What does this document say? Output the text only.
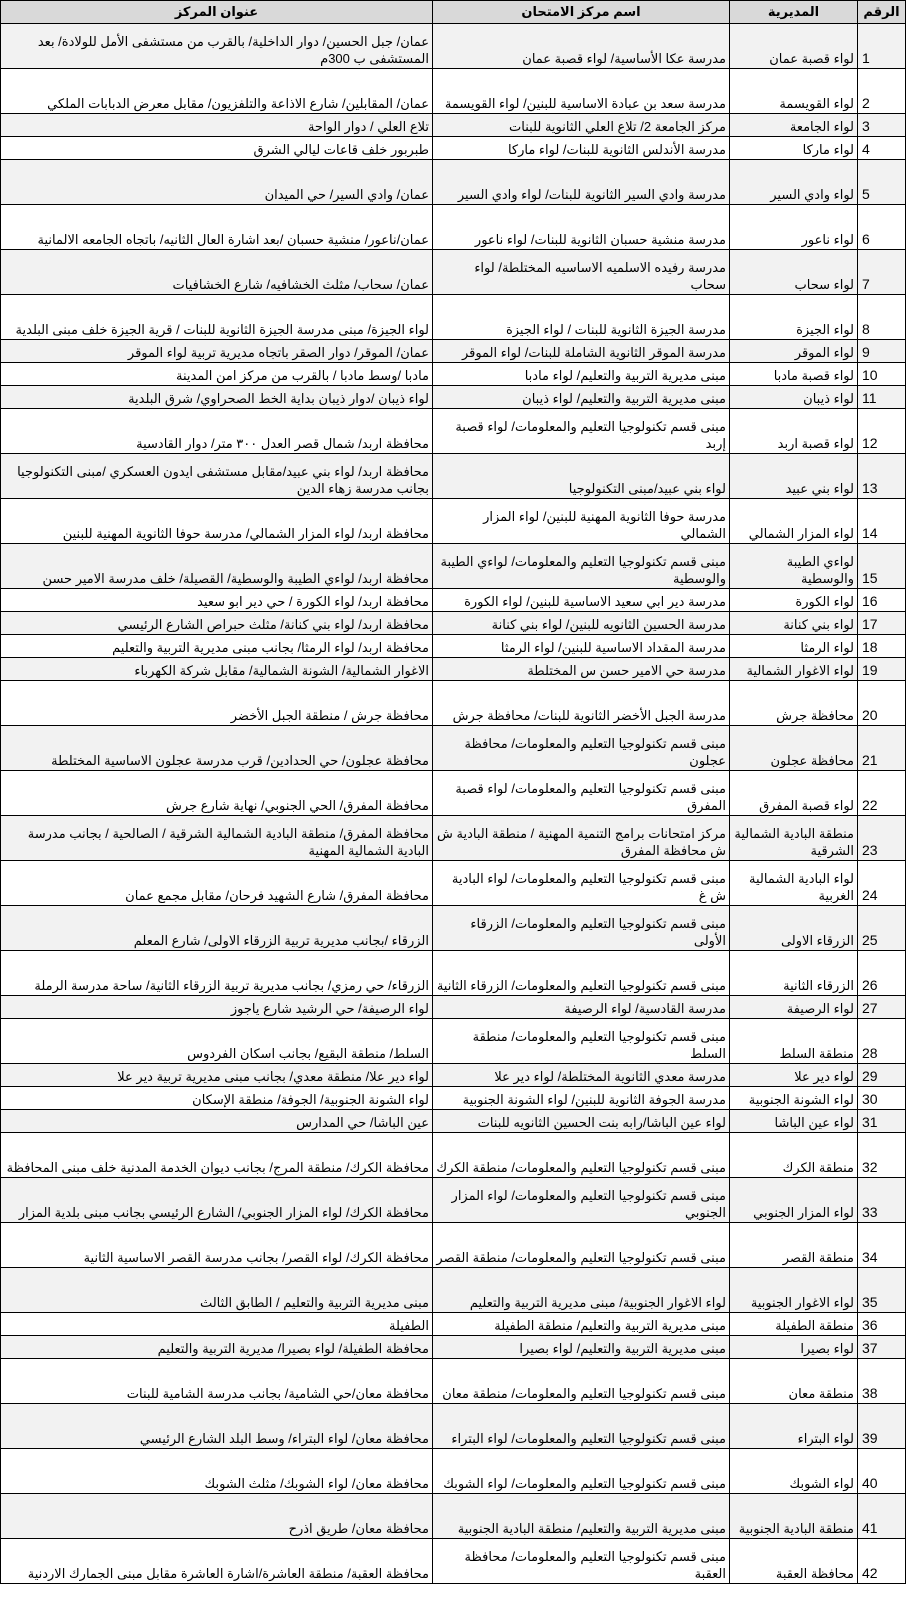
الرقم	المديرية	اسم مركز الامتحان	عنوان المركز
1	لواء قصبة عمان	مدرسة عكا الأساسية/ لواء قصبة عمان	عمان/ جبل الحسين/ دوار الداخلية/ بالقرب من مستشفى الأمل للولادة/ بعد المستشفى ب 300م
2	لواء القويسمة	مدرسة سعد بن عبادة الاساسية للبنين/ لواء القويسمة	عمان/ المقابلين/ شارع الاذاعة والتلفزيون/ مقابل معرض الدبابات الملكي
3	لواء الجامعة	مركز الجامعة 2/ تلاع العلي الثانوية للبنات	تلاع العلي / دوار الواحة
4	لواء ماركا	مدرسة الأندلس الثانوية للبنات/ لواء ماركا	طبربور خلف قاعات ليالي الشرق
5	لواء وادي السير	مدرسة وادي السير الثانوية للبنات/ لواء وادي السير	عمان/ وادي السير/ حي الميدان
6	لواء ناعور	مدرسة منشية حسبان الثانوية للبنات/ لواء ناعور	عمان/ناعور/ منشية حسبان /بعد اشارة العال الثانيه/ باتجاه الجامعه الالمانية
7	لواء سحاب	مدرسة رفيده الاسلميه الاساسيه المختلطة/ لواء سحاب	عمان/ سحاب/ مثلث الخشافيه/ شارع الخشافيات
8	لواء الجيزة	مدرسة الجيزة الثانوية للبنات / لواء الجيزة	لواء الجيزة/ مبنى مدرسة الجيزة الثانوية للبنات / قرية الجيزة خلف مبنى البلدية
9	لواء الموقر	مدرسة الموقر الثانوية الشاملة للبنات/ لواء الموقر	عمان/ الموقر/ دوار الصقر باتجاه مديرية تربية لواء الموقر
10	لواء قصبة مادبا	مبنى مديرية التربية والتعليم/ لواء مادبا	مادبا /وسط مادبا / بالقرب من مركز امن المدينة
11	لواء ذيبان	مبنى مديرية التربية والتعليم/ لواء ذيبان	لواء ذيبان /دوار ذيبان بداية الخط الصحراوي/ شرق البلدية
12	لواء قصبة اربد	مبنى قسم تكنولوجيا التعليم والمعلومات/ لواء قصبة إربد	محافظة اربد/ شمال قصر العدل ٣٠٠ متر/ دوار القادسية
13	لواء بني عبيد	لواء بني عبيد/مبنى التكنولوجيا	محافظة اربد/ لواء بني عبيد/مقابل مستشفى ايدون العسكري /مبنى التكنولوجيا بجانب مدرسة زهاء الدين
14	لواء المزار الشمالي	مدرسة حوفا الثانوية المهنية للبنين/ لواء المزار الشمالي	محافظة اربد/ لواء المزار الشمالي/ مدرسة حوفا الثانوية المهنية للبنين
15	لواءي الطيبة والوسطية	مبنى قسم تكنولوجيا التعليم والمعلومات/ لواءي الطيبة والوسطية	محافظة اربد/ لواءي الطيبة والوسطية/ القصيلة/ خلف مدرسة الامير حسن
16	لواء الكورة	مدرسة دير ابي سعيد الاساسية للبنين/ لواء الكورة	محافظة اربد/ لواء الكورة / حي دير ابو سعيد
17	لواء بني كنانة	مدرسة الحسين الثانويه للبنين/ لواء بني كنانة	محافظة اربد/ لواء بني كنانة/ مثلث حبراص الشارع الرئيسي
18	لواء الرمثا	مدرسة المقداد الاساسية للبنين/ لواء الرمثا	محافظة اربد/ لواء الرمثا/ بجانب مبنى مديرية التربية والتعليم
19	لواء الاغوار الشمالية	مدرسة حي الامير حسن س المختلطة	الاغوار الشمالية/ الشونة الشمالية/ مقابل شركة الكهرباء
20	محافظة جرش	مدرسة الجبل الأخضر الثانوية للبنات/ محافظة جرش	محافظة جرش / منطقة الجبل الأخضر
21	محافظة عجلون	مبنى قسم تكنولوجيا التعليم والمعلومات/ محافظة عجلون	محافظة عجلون/ حي الحدادين/ قرب مدرسة عجلون الاساسية المختلطة
22	لواء قصبة المفرق	مبنى قسم تكنولوجيا التعليم والمعلومات/ لواء قصبة المفرق	محافظة المفرق/ الحي الجنوبي/ نهاية شارع جرش
23	منطقة البادية الشمالية الشرقية	مركز امتحانات برامج التنمية المهنية / منطقة البادية ش ش محافظة المفرق	محافظة المفرق/ منطقة البادية الشمالية الشرقية / الصالحية / بجانب مدرسة البادية الشمالية المهنية
24	لواء البادية الشمالية الغربية	مبنى قسم تكنولوجيا التعليم والمعلومات/ لواء البادية ش غ	محافظة المفرق/ شارع الشهيد فرحان/ مقابل مجمع عمان
25	الزرقاء الاولى	مبنى قسم تكنولوجيا التعليم والمعلومات/ الزرقاء الأولى	الزرقاء /بجانب مديرية تربية الزرقاء الاولى/ شارع المعلم
26	الزرقاء الثانية	مبنى قسم تكنولوجيا التعليم والمعلومات/ الزرقاء الثانية	الزرقاء/ حي رمزي/ بجانب مديرية تربية الزرقاء الثانية/ ساحة مدرسة الرملة
27	لواء الرصيفة	مدرسة القادسية/ لواء الرصيفة	لواء الرصيفة/ حي الرشيد شارع ياجوز
28	منطقة السلط	مبنى قسم تكنولوجيا التعليم والمعلومات/ منطقة السلط	السلط/ منطقة البقيع/ بجانب اسكان الفردوس
29	لواء دير علا	مدرسة معدي الثانوية المختلطة/ لواء دير علا	لواء دير علا/ منطقة معدي/ بجانب مبنى مديرية تربية دير علا
30	لواء الشونة الجنوبية	مدرسة الجوفة الثانوية للبنين/ لواء الشونة الجنوبية	لواء الشونة الجنوبية/ الجوفة/ منطقة الإسكان
31	لواء عين الباشا	لواء عين الباشا/رابه بنت الحسين الثانويه للبنات	عين الباشا/ حي المدارس
32	منطقة الكرك	مبنى قسم تكنولوجيا التعليم والمعلومات/ منطقة الكرك	محافظة الكرك/ منطقة المرج/ بجانب ديوان الخدمة المدنية خلف مبنى المحافظة
33	لواء المزار الجنوبي	مبنى قسم تكنولوجيا التعليم والمعلومات/ لواء المزار الجنوبي	محافظة الكرك/ لواء المزار الجنوبي/ الشارع الرئيسي بجانب مبنى بلدية المزار
34	منطقة القصر	مبنى قسم تكنولوجيا التعليم والمعلومات/ منطقة القصر	محافظة الكرك/ لواء القصر/ بجانب مدرسة القصر الاساسية الثانية
35	لواء الاغوار الجنوبية	لواء الاغوار الجنوبية/ مبنى مديرية التربية والتعليم	مبنى مديرية التربية والتعليم / الطابق الثالث
36	منطقة الطفيلة	مبنى مديرية التربية والتعليم/ منطقة الطفيلة	الطفيلة
37	لواء بصيرا	مبنى مديرية التربية والتعليم/ لواء بصيرا	محافظة الطفيلة/ لواء بصيرا/ مديرية التربية والتعليم
38	منطقة معان	مبنى قسم تكنولوجيا التعليم والمعلومات/ منطقة معان	محافظة معان/حي الشامية/ بجانب مدرسة الشامية للبنات
39	لواء البتراء	مبنى قسم تكنولوجيا التعليم والمعلومات/ لواء البتراء	محافظة معان/ لواء البتراء/ وسط البلد الشارع الرئيسي
40	لواء الشوبك	مبنى قسم تكنولوجيا التعليم والمعلومات/ لواء الشوبك	محافظة معان/ لواء الشوبك/ مثلث الشوبك
41	منطقة البادية الجنوبية	مبنى مديرية التربية والتعليم/ منطقة البادية الجنوبية	محافظة معان/ طريق اذرح
42	محافظة العقبة	مبنى قسم تكنولوجيا التعليم والمعلومات/ محافظة العقبة	محافظة العقبة/ منطقة العاشرة/اشارة العاشرة مقابل مبنى الجمارك الاردنية
